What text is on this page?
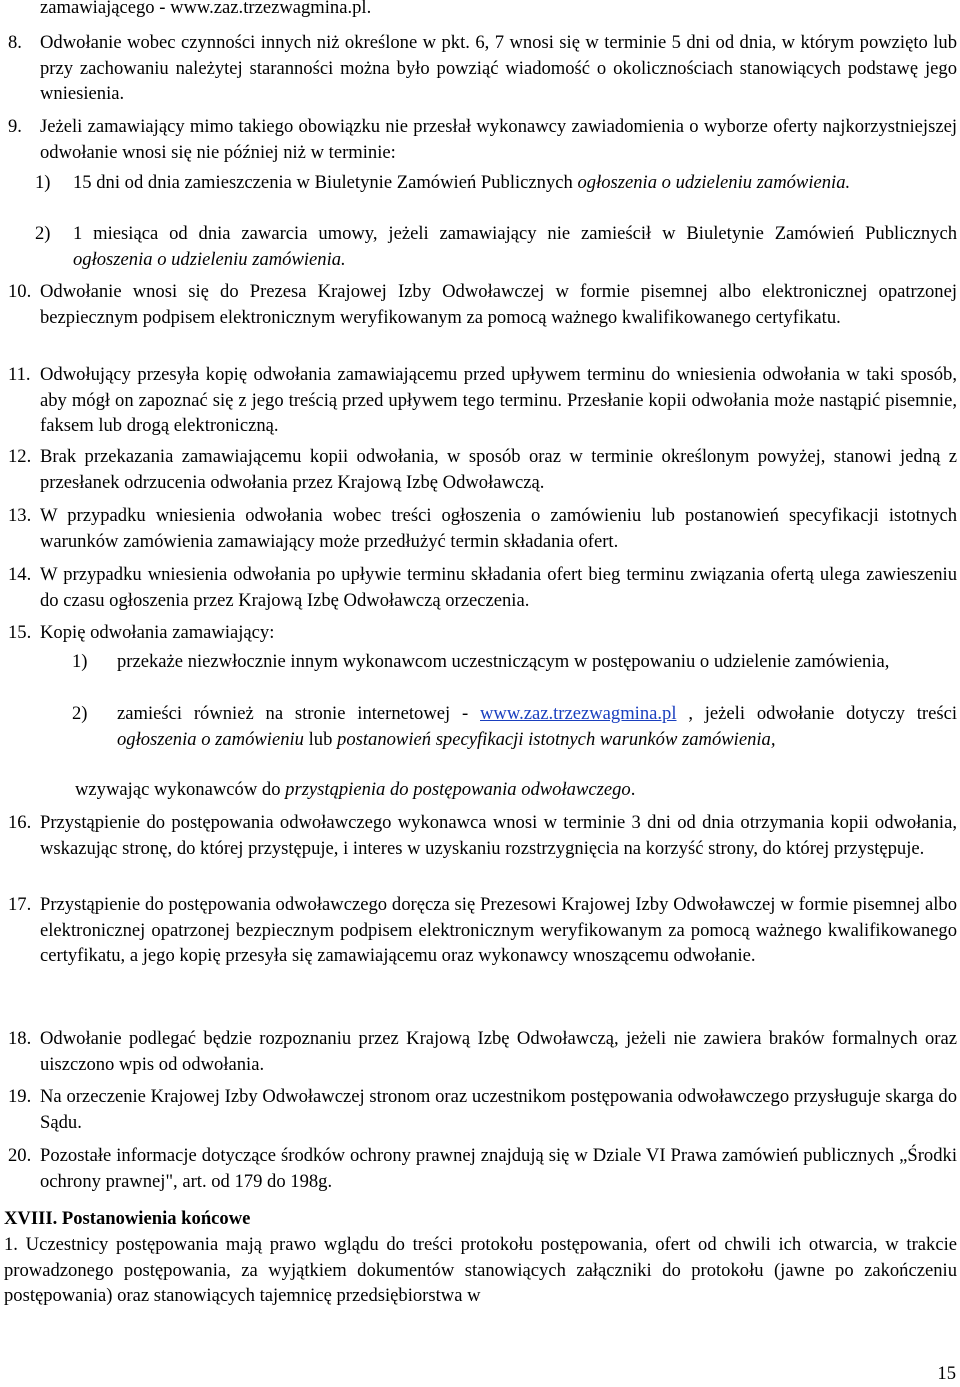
zamawiającego - www.zaz.trzezwagmina.pl.
8. Odwołanie wobec czynności innych niż określone w pkt. 6, 7 wnosi się w terminie 5 dni od dnia, w którym powzięto lub przy zachowaniu należytej staranności można było powziąć wiadomość o okolicznościach stanowiących podstawę jego wniesienia.
9. Jeżeli zamawiający mimo takiego obowiązku nie przesłał wykonawcy zawiadomienia o wyborze oferty najkorzystniejszej odwołanie wnosi się nie później niż w terminie:
1) 15 dni od dnia zamieszczenia w Biuletynie Zamówień Publicznych ogłoszenia o udzieleniu zamówienia.
2) 1 miesiąca od dnia zawarcia umowy, jeżeli zamawiający nie zamieścił w Biuletynie Zamówień Publicznych ogłoszenia o udzieleniu zamówienia.
10. Odwołanie wnosi się do Prezesa Krajowej Izby Odwoławczej w formie pisemnej albo elektronicznej opatrzonej bezpiecznym podpisem elektronicznym weryfikowanym za pomocą ważnego kwalifikowanego certyfikatu.
11. Odwołujący przesyła kopię odwołania zamawiającemu przed upływem terminu do wniesienia odwołania w taki sposób, aby mógł on zapoznać się z jego treścią przed upływem tego terminu. Przesłanie kopii odwołania może nastąpić pisemnie, faksem lub drogą elektroniczną.
12. Brak przekazania zamawiającemu kopii odwołania, w sposób oraz w terminie określonym powyżej, stanowi jedną z przesłanek odrzucenia odwołania przez Krajową Izbę Odwoławczą.
13. W przypadku wniesienia odwołania wobec treści ogłoszenia o zamówieniu lub postanowień specyfikacji istotnych warunków zamówienia zamawiający może przedłużyć termin składania ofert.
14. W przypadku wniesienia odwołania po upływie terminu składania ofert bieg terminu związania ofertą ulega zawieszeniu do czasu ogłoszenia przez Krajową Izbę Odwoławczą orzeczenia.
15. Kopię odwołania zamawiający:
1) przekaże niezwłocznie innym wykonawcom uczestniczącym w postępowaniu o udzielenie zamówienia,
2) zamieści również na stronie internetowej - www.zaz.trzezwagmina.pl , jeżeli odwołanie dotyczy treści ogłoszenia o zamówieniu lub postanowień specyfikacji istotnych warunków zamówienia,
wzywając wykonawców do przystąpienia do postępowania odwoławczego.
16. Przystąpienie do postępowania odwoławczego wykonawca wnosi w terminie 3 dni od dnia otrzymania kopii odwołania, wskazując stronę, do której przystępuje, i interes w uzyskaniu rozstrzygnięcia na korzyść strony, do której przystępuje.
17. Przystąpienie do postępowania odwoławczego doręcza się Prezesowi Krajowej Izby Odwoławczej w formie pisemnej albo elektronicznej opatrzonej bezpiecznym podpisem elektronicznym weryfikowanym za pomocą ważnego kwalifikowanego certyfikatu, a jego kopię przesyła się zamawiającemu oraz wykonawcy wnoszącemu odwołanie.
18. Odwołanie podlegać będzie rozpoznaniu przez Krajową Izbę Odwoławczą, jeżeli nie zawiera braków formalnych oraz uiszczono wpis od odwołania.
19. Na orzeczenie Krajowej Izby Odwoławczej stronom oraz uczestnikom postępowania odwoławczego przysługuje skarga do Sądu.
20. Pozostałe informacje dotyczące środków ochrony prawnej znajdują się w Dziale VI Prawa zamówień publicznych „Środki ochrony prawnej", art. od 179 do 198g.
XVIII. Postanowienia końcowe
1. Uczestnicy postępowania mają prawo wglądu do treści protokołu postępowania, ofert od chwili ich otwarcia, w trakcie prowadzonego postępowania, za wyjątkiem dokumentów stanowiących załączniki do protokołu (jawne po zakończeniu postępowania) oraz stanowiących tajemnicę przedsiębiorstwa w
15
